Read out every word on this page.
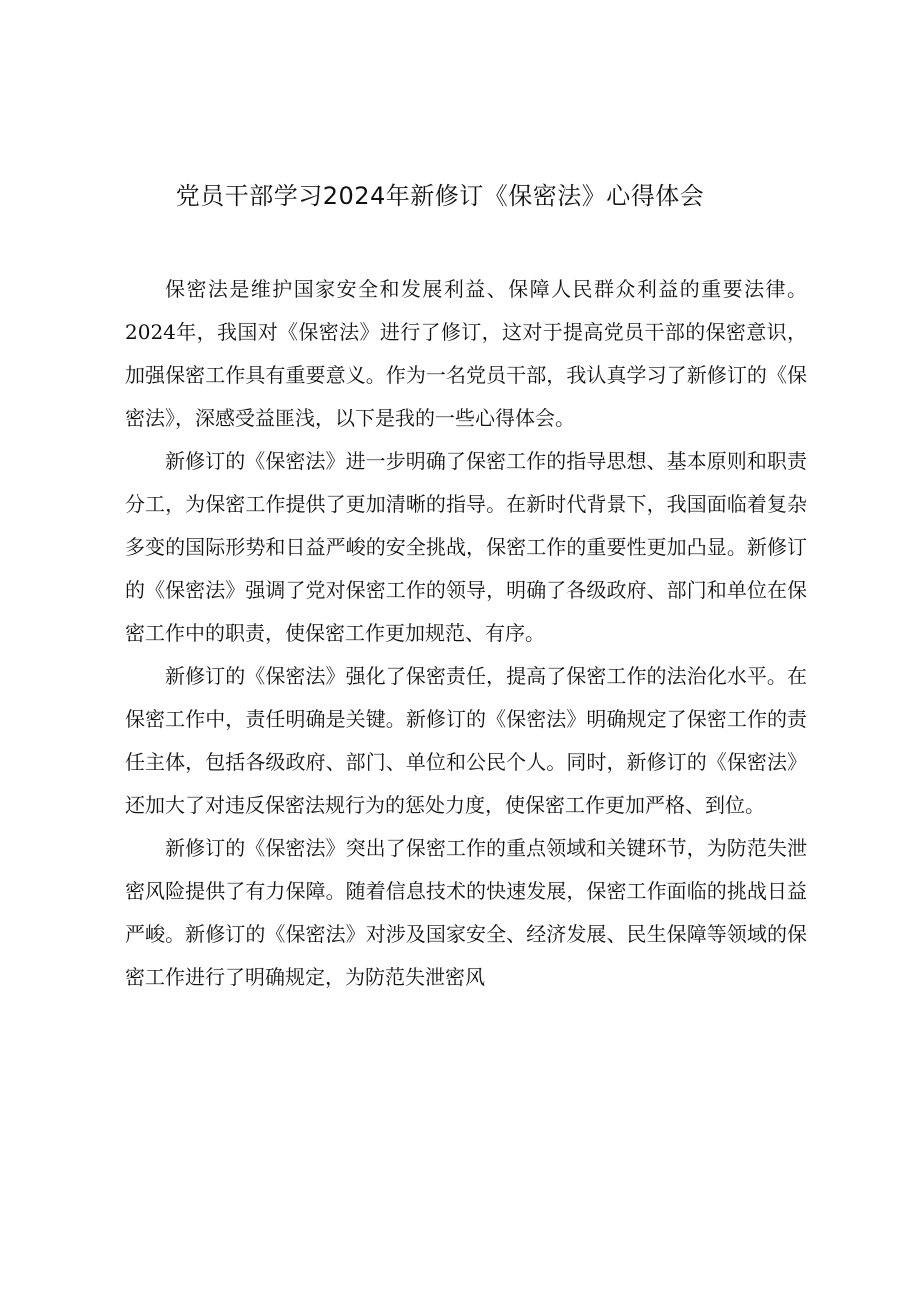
党员干部学习2024年新修订《保密法》心得体会

保密法是维护国家安全和发展利益、保障人民群众利益的重要法律。2024年，我国对《保密法》进行了修订，这对于提高党员干部的保密意识，加强保密工作具有重要意义。作为一名党员干部，我认真学习了新修订的《保密法》，深感受益匪浅，以下是我的一些心得体会。

新修订的《保密法》进一步明确了保密工作的指导思想、基本原则和职责分工，为保密工作提供了更加清晰的指导。在新时代背景下，我国面临着复杂多变的国际形势和日益严峻的安全挑战，保密工作的重要性更加凸显。新修订的《保密法》强调了党对保密工作的领导，明确了各级政府、部门和单位在保密工作中的职责，使保密工作更加规范、有序。

新修订的《保密法》强化了保密责任，提高了保密工作的法治化水平。在保密工作中，责任明确是关键。新修订的《保密法》明确规定了保密工作的责任主体，包括各级政府、部门、单位和公民个人。同时，新修订的《保密法》还加大了对违反保密法规行为的惩处力度，使保密工作更加严格、到位。

新修订的《保密法》突出了保密工作的重点领域和关键环节，为防范失泄密风险提供了有力保障。随着信息技术的快速发展，保密工作面临的挑战日益严峻。新修订的《保密法》对涉及国家安全、经济发展、民生保障等领域的保密工作进行了明确规定，为防范失泄密风
